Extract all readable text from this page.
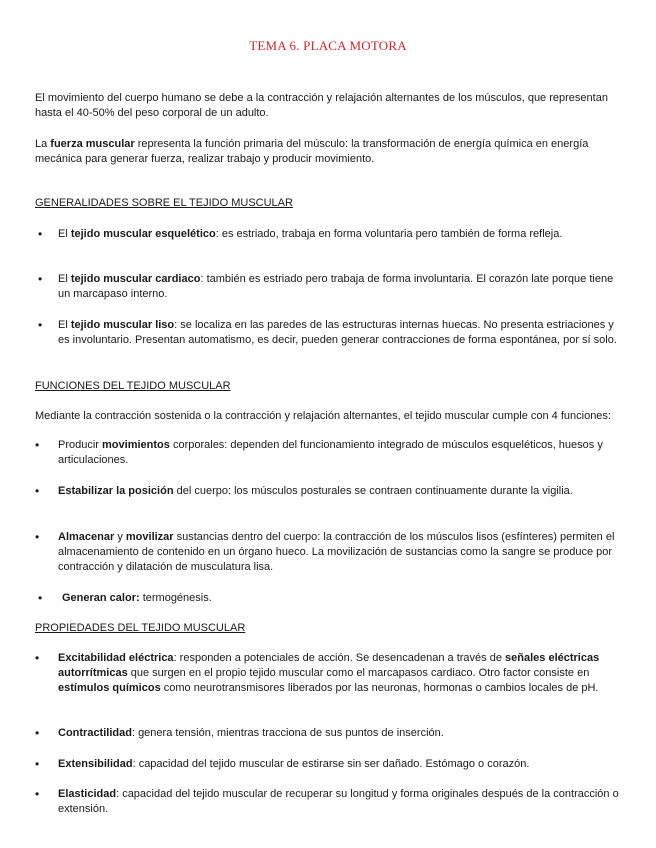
TEMA 6. PLACA MOTORA
El movimiento del cuerpo humano se debe a la contracción y relajación alternantes de los músculos, que representan hasta el 40-50% del peso corporal de un adulto.
La fuerza muscular representa la función primaria del músculo: la transformación de energía química en energía mecánica para generar fuerza, realizar trabajo y producir movimiento.
GENERALIDADES SOBRE EL TEJIDO MUSCULAR
• El tejido muscular esquelético: es estriado, trabaja en forma voluntaria pero también de forma refleja.
• El tejido muscular cardiaco: también es estriado pero trabaja de forma involuntaria. El corazón late porque tiene un marcapaso interno.
• El tejido muscular liso: se localiza en las paredes de las estructuras internas huecas. No presenta estriaciones y es involuntario. Presentan automatismo, es decir, pueden generar contracciones de forma espontánea, por sí solo.
FUNCIONES DEL TEJIDO MUSCULAR
Mediante la contracción sostenida o la contracción y relajación alternantes, el tejido muscular cumple con 4 funciones:
• Producir movimientos corporales: dependen del funcionamiento integrado de músculos esqueléticos, huesos y articulaciones.
• Estabilizar la posición del cuerpo: los músculos posturales se contraen continuamente durante la vigilia.
• Almacenar y movilizar sustancias dentro del cuerpo: la contracción de los músculos lisos (esfínteres) permiten el almacenamiento de contenido en un órgano hueco. La movilización de sustancias como la sangre se produce por contracción y dilatación de musculatura lisa.
• Generan calor: termogénesis.
PROPIEDADES DEL TEJIDO MUSCULAR
• Excitabilidad eléctrica: responden a potenciales de acción. Se desencadenan a través de señales eléctricas autorrítmicas que surgen en el propio tejido muscular como el marcapasos cardiaco. Otro factor consiste en estímulos químicos como neurotransmisores liberados por las neuronas, hormonas o cambios locales de pH.
• Contractilidad: genera tensión, mientras tracciona de sus puntos de inserción.
• Extensibilidad: capacidad del tejido muscular de estirarse sin ser dañado. Estómago o corazón.
• Elasticidad: capacidad del tejido muscular de recuperar su longitud y forma originales después de la contracción o extensión.
